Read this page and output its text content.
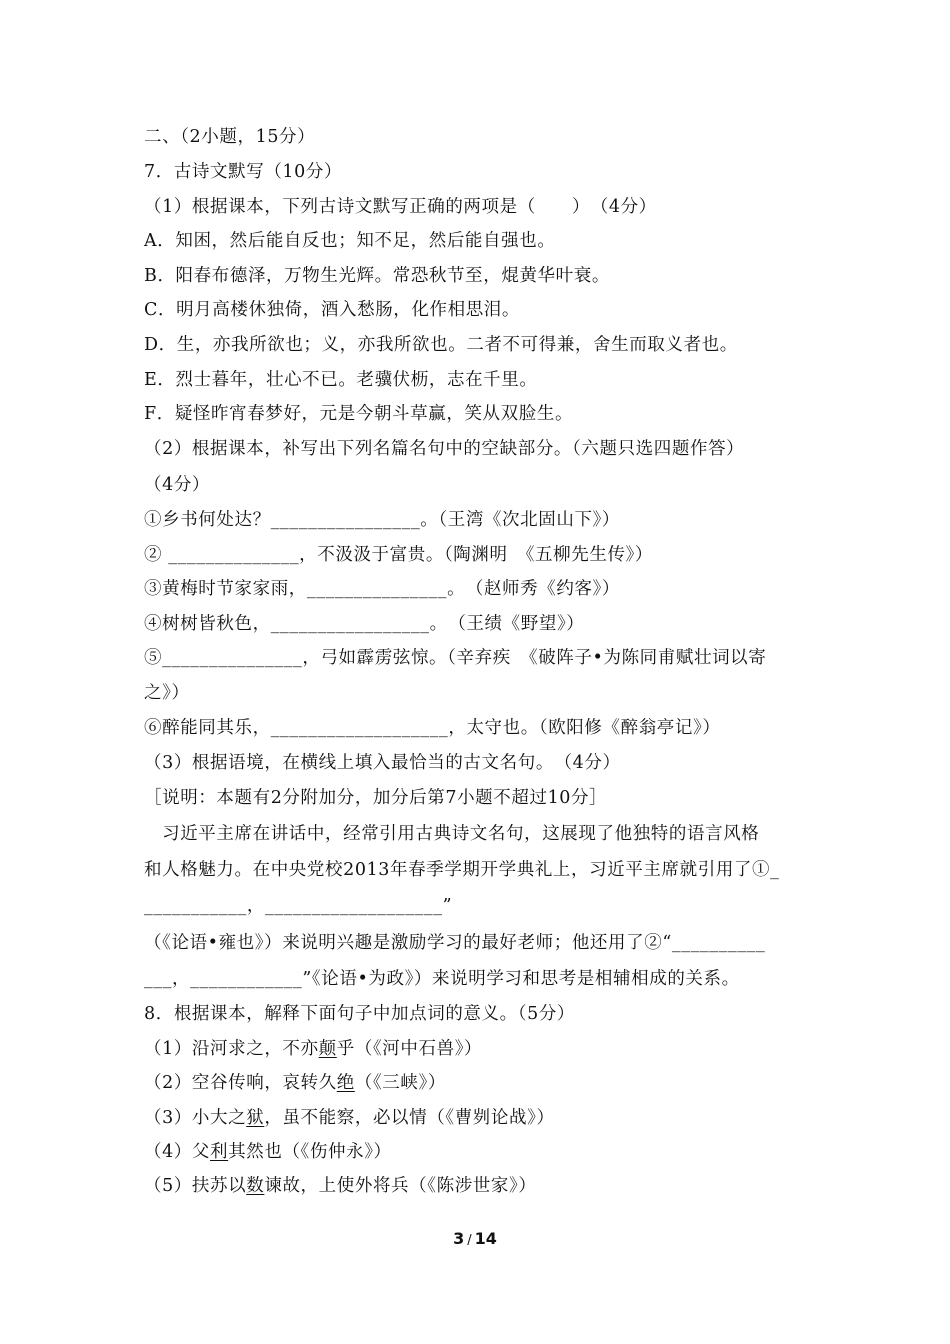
二、（2小题，15分）
7．古诗文默写（10分）
（1）根据课本，下列古诗文默写正确的两项是（　　）　（4分）
A．知困，然后能自反也；知不足，然后能自强也。
B．阳春布德泽，万物生光辉。常恐秋节至，焜黄华叶衰。
C．明月高楼休独倚，酒入愁肠，化作相思泪。
D．生，亦我所欲也；义，亦我所欲也。二者不可得兼，舍生而取义者也。
E．烈士暮年，壮心不已。老骥伏枥，志在千里。
F．疑怪昨宵春梦好，元是今朝斗草赢，笑从双脸生。
（2）根据课本，补写出下列名篇名句中的空缺部分。（六题只选四题作答）
（4分）
①乡书何处达？________________。（王湾《次北固山下》）
② ______________，不汲汲于富贵。（陶渊明　《五柳先生传》）
③黄梅时节家家雨，_______________。　（赵师秀《约客》）
④树树皆秋色，_________________。　（王绩《野望》）
⑤_______________，弓如霹雳弦惊。（辛弃疾　《破阵子•为陈同甫赋壮词以寄
之》）
⑥醉能同其乐，___________________，太守也。（欧阳修《醉翁亭记》）
（3）根据语境，在横线上填入最恰当的古文名句。　（4分）
［说明：本题有2分附加分，加分后第7小题不超过10分］
　习近平主席在讲话中，经常引用古典诗文名句，这展现了他独特的语言风格
和人格魅力。在中央党校2013年春季学期开学典礼上，习近平主席就引用了①_
___________，___________________”
（《论语•雍也》）来说明兴趣是激励学习的最好老师；他还用了②“__________
___，____________”《论语•为政》）来说明学习和思考是相辅相成的关系。
8．根据课本，解释下面句子中加点词的意义。（5分）
（1）沿河求之，不亦颠乎（《河中石兽》）
（2）空谷传响，哀转久绝（《三峡》）
（3）小大之狱，虽不能察，必以情（《曹刿论战》）
（4）父利其然也（《伤仲永》）
（5）扶苏以数谏故，上使外将兵（《陈涉世家》）
3 / 14
